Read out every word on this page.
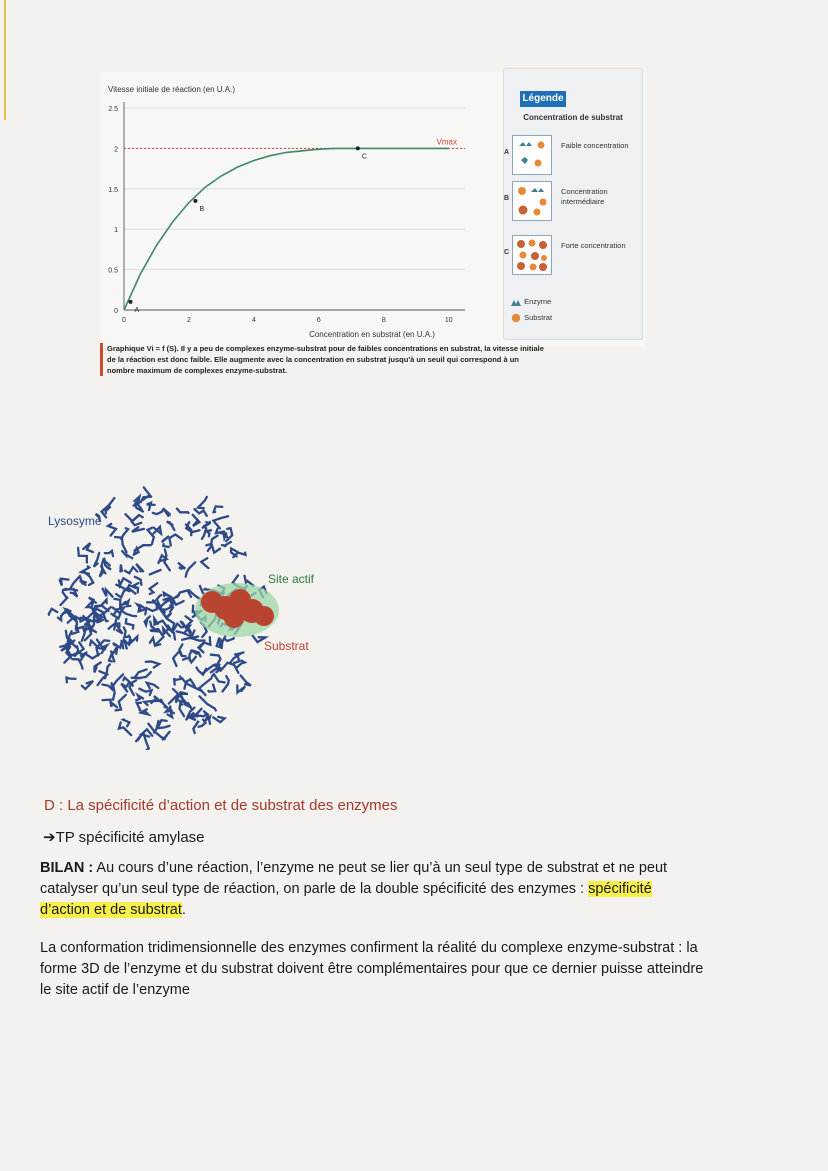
Vitesse initiale de réaction (en U.A.)
Concentration en substrat (en U.A.)
0
0.5
1
1.5
2
2.5
0	2	4	6	8	10
Vmax
A
B
C
Légende
Concentration de substrat
A
Faible concentration
B
Concentration intermédiaire
C
Forte concentration
Enzyme
Substrat
Graphique Vi = f (S). Il y a peu de complexes enzyme-substrat pour de faibles concentrations en substrat, la vitesse initiale de la réaction est donc faible. Elle augmente avec la concentration en substrat jusqu'à un seuil qui correspond à un nombre maximum de complexes enzyme-substrat.
Lysosyme
Site actif
Substrat
D : La spécificité d’action et de substrat des enzymes
➔TP spécificité amylase
BILAN : Au cours d’une réaction, l’enzyme ne peut se lier qu’à un seul type de substrat et ne peut catalyser qu’un seul type de réaction, on parle de la double spécificité des enzymes : spécificité d’action et de substrat.
La conformation tridimensionnelle des enzymes confirment la réalité du complexe enzyme-substrat : la forme 3D de l’enzyme et du substrat doivent être complémentaires pour que ce dernier puisse atteindre le site actif de l’enzyme
